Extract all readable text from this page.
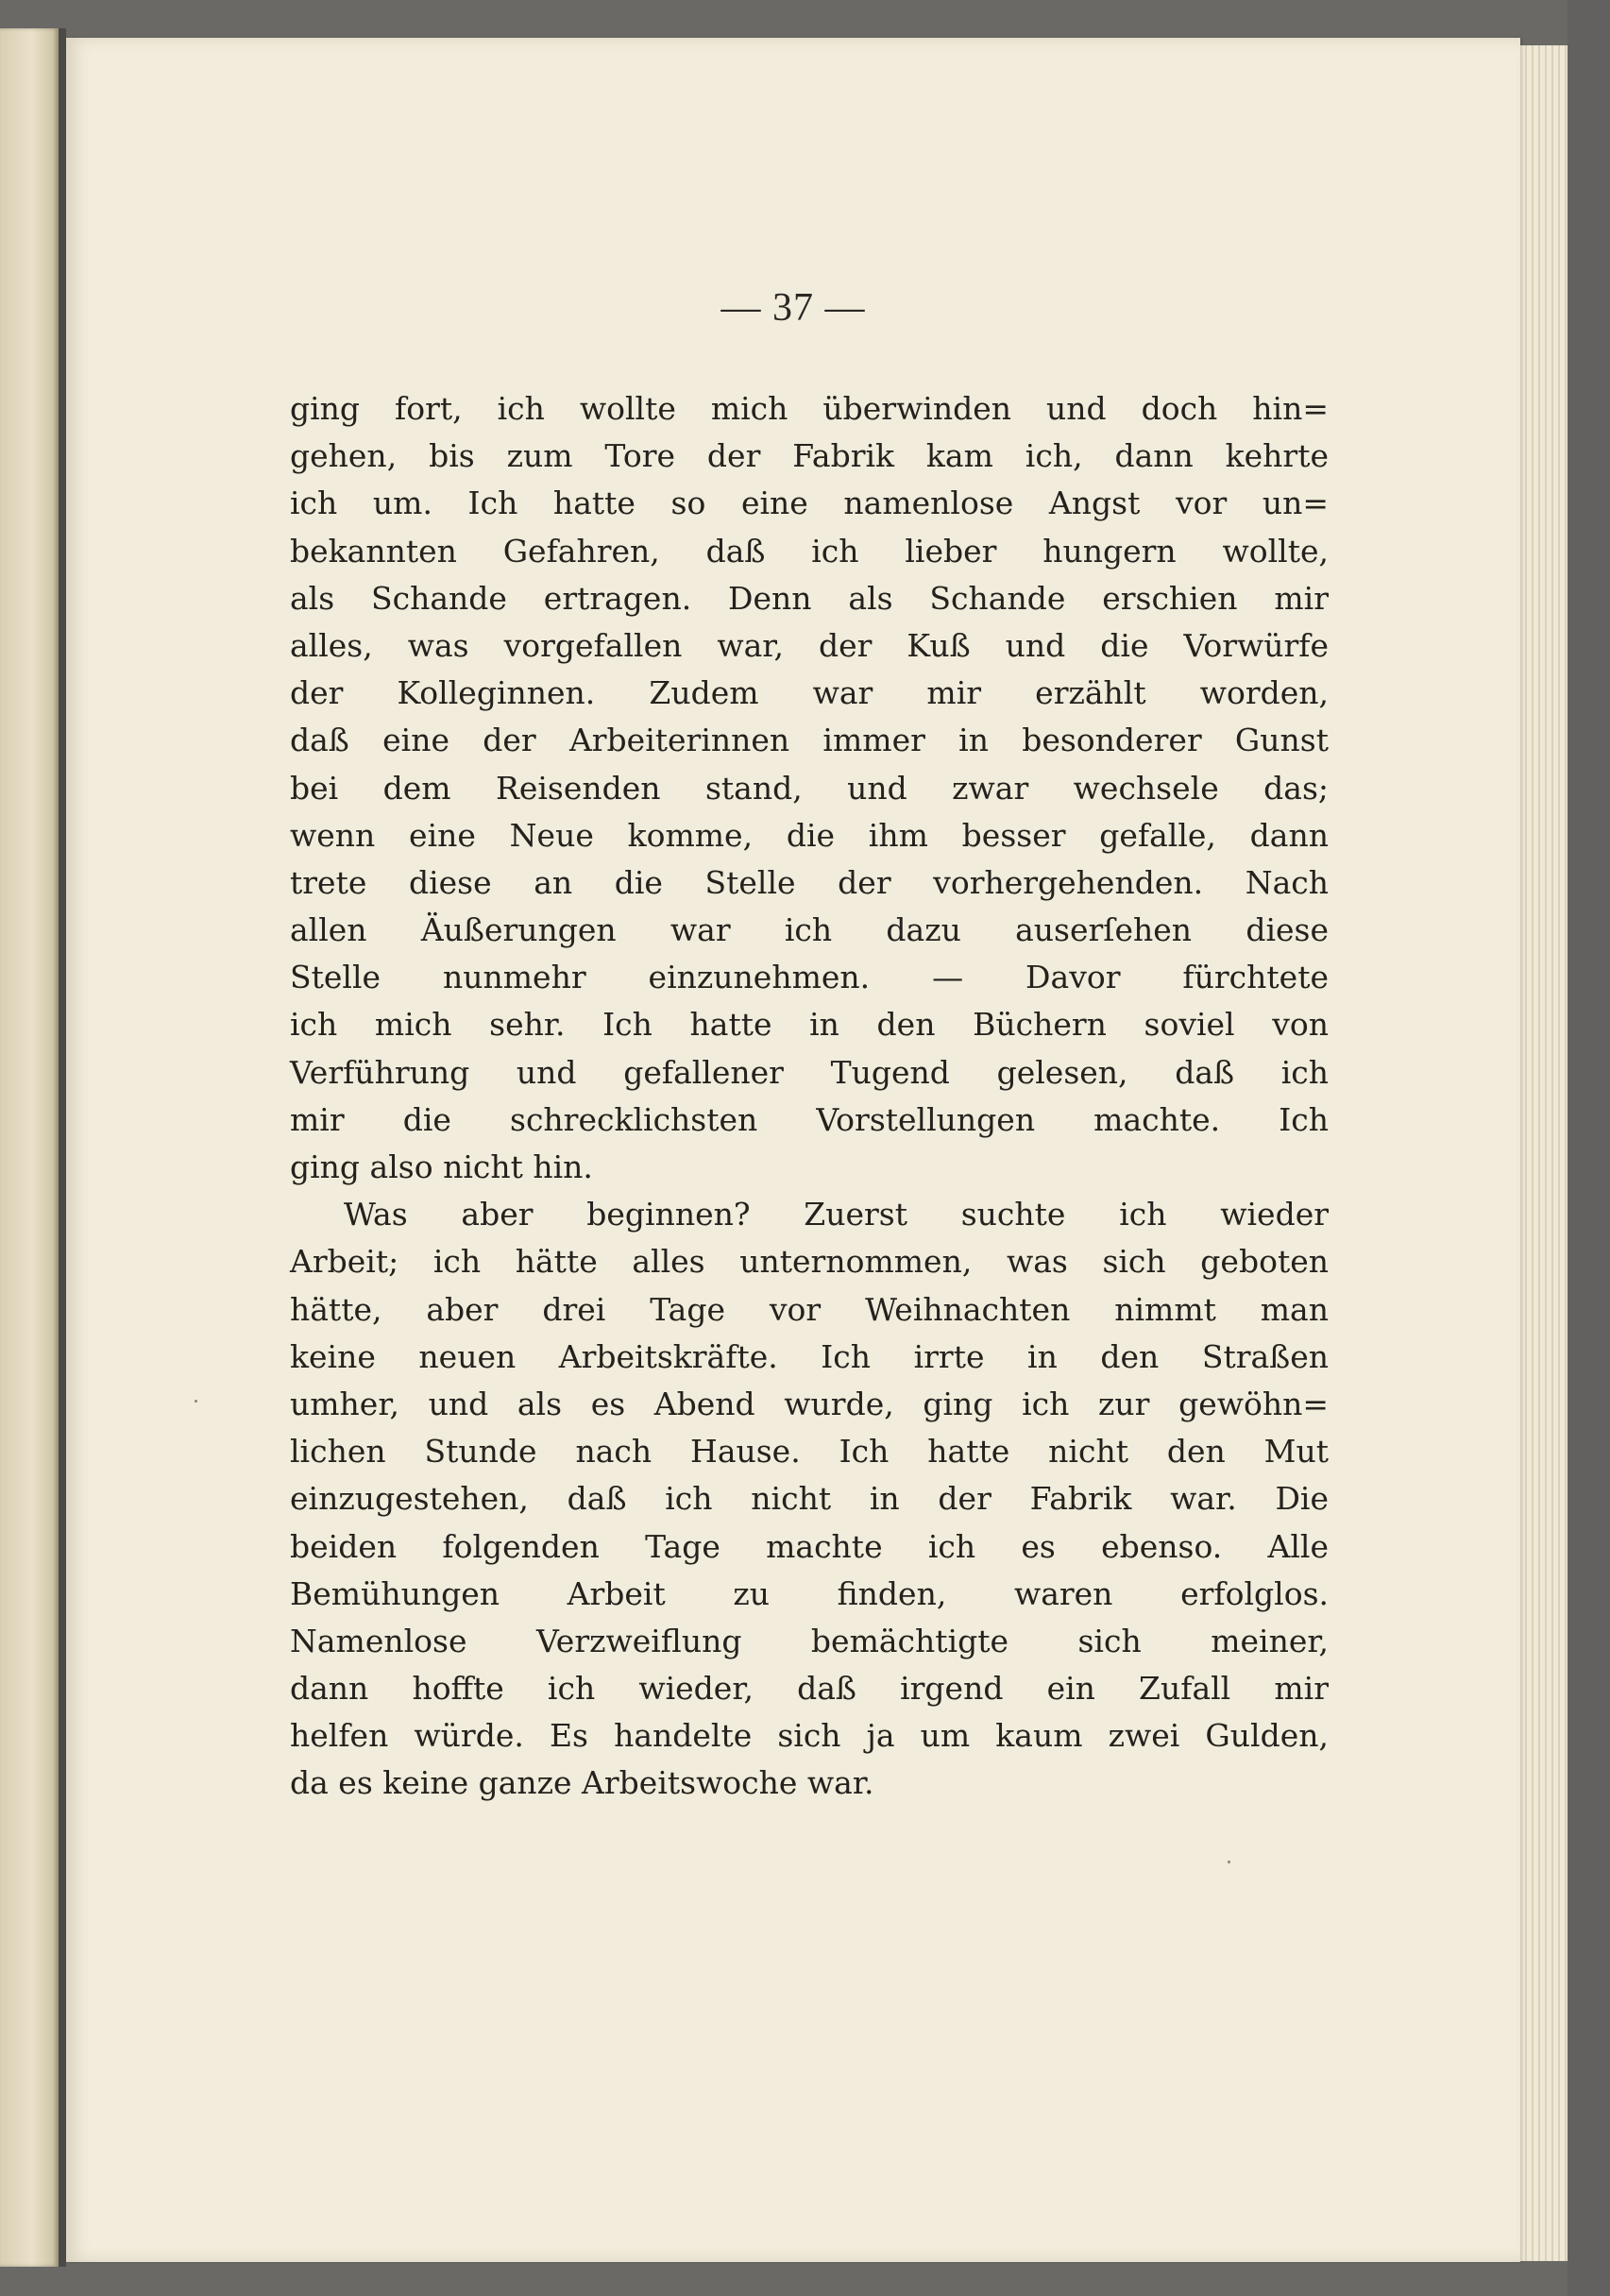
— 37 —
ging fort, ich wollte mich überwinden und doch hin=
gehen, bis zum Tore der Fabrik kam ich, dann kehrte
ich um. Ich hatte so eine namenlose Angst vor un=
bekannten Gefahren, daß ich lieber hungern wollte,
als Schande ertragen. Denn als Schande erschien mir
alles, was vorgefallen war, der Kuß und die Vorwürfe
der Kolleginnen. Zudem war mir erzählt worden,
daß eine der Arbeiterinnen immer in besonderer Gunst
bei dem Reisenden stand, und zwar wechsele das;
wenn eine Neue komme, die ihm besser gefalle, dann
trete diese an die Stelle der vorhergehenden. Nach
allen Äußerungen war ich dazu auserſehen diese
Stelle nunmehr einzunehmen. — Davor fürchtete
ich mich sehr. Ich hatte in den Büchern soviel von
Verführung und gefallener Tugend gelesen, daß ich
mir die schrecklichsten Vorstellungen machte. Ich
ging also nicht hin.
Was aber beginnen? Zuerst suchte ich wieder
Arbeit; ich hätte alles unternommen, was sich geboten
hätte, aber drei Tage vor Weihnachten nimmt man
keine neuen Arbeitskräfte. Ich irrte in den Straßen
umher, und als es Abend wurde, ging ich zur gewöhn=
lichen Stunde nach Hause. Ich hatte nicht den Mut
einzugestehen, daß ich nicht in der Fabrik war. Die
beiden folgenden Tage machte ich es ebenso. Alle
Bemühungen Arbeit zu finden, waren erfolglos.
Namenlose Verzweiflung bemächtigte sich meiner,
dann hoffte ich wieder, daß irgend ein Zufall mir
helfen würde. Es handelte sich ja um kaum zwei Gulden,
da es keine ganze Arbeitswoche war.
